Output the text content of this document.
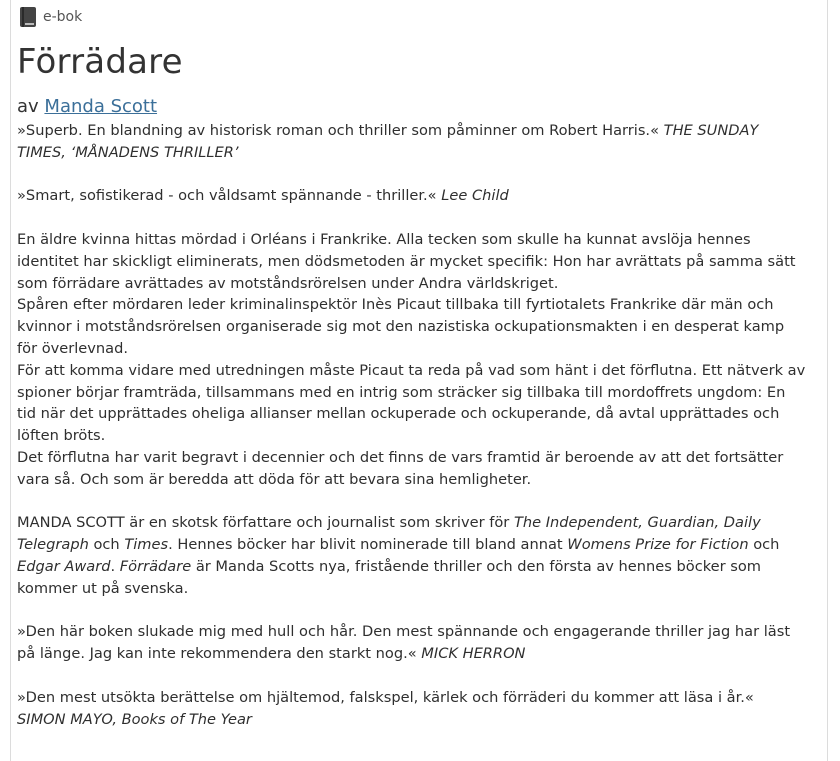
e-bok
Förrädare
av Manda Scott

»Superb. En blandning av historisk roman och thriller som påminner om Robert Harris.« THE SUNDAY TIMES, ‘MÅNADENS THRILLER’

»Smart, sofistikerad - och våldsamt spännande - thriller.« Lee Child

En äldre kvinna hittas mördad i Orléans i Frankrike. Alla tecken som skulle ha kunnat avslöja hennes identitet har skickligt eliminerats, men dödsmetoden är mycket specifik: Hon har avrättats på samma sätt som förrädare avrättades av motståndsrörelsen under Andra världskriget.

Spåren efter mördaren leder kriminalinspektör Inès Picaut tillbaka till fyrtiotalets Frankrike där män och kvinnor i motståndsrörelsen organiserade sig mot den nazistiska ockupationsmakten i en desperat kamp för överlevnad.

För att komma vidare med utredningen måste Picaut ta reda på vad som hänt i det förflutna. Ett nätverk av spioner börjar framträda, tillsammans med en intrig som sträcker sig tillbaka till mordoffrets ungdom: En tid när det upprättades oheliga allianser mellan ockuperade och ockuperande, då avtal upprättades och löften bröts.

Det förflutna har varit begravt i decennier och det finns de vars framtid är beroende av att det fortsätter vara så. Och som är beredda att döda för att bevara sina hemligheter.

MANDA SCOTT är en skotsk författare och journalist som skriver för The Independent, Guardian, Daily Telegraph och Times. Hennes böcker har blivit nominerade till bland annat Womens Prize for Fiction och Edgar Award. Förrädare är Manda Scotts nya, fristående thriller och den första av hennes böcker som kommer ut på svenska.

»Den här boken slukade mig med hull och hår. Den mest spännande och engagerande thriller jag har läst på länge. Jag kan inte rekommendera den starkt nog.« MICK HERRON

»Den mest utsökta berättelse om hjältemod, falskspel, kärlek och förräderi du kommer att läsa i år.« SIMON MAYO, Books of The Year
